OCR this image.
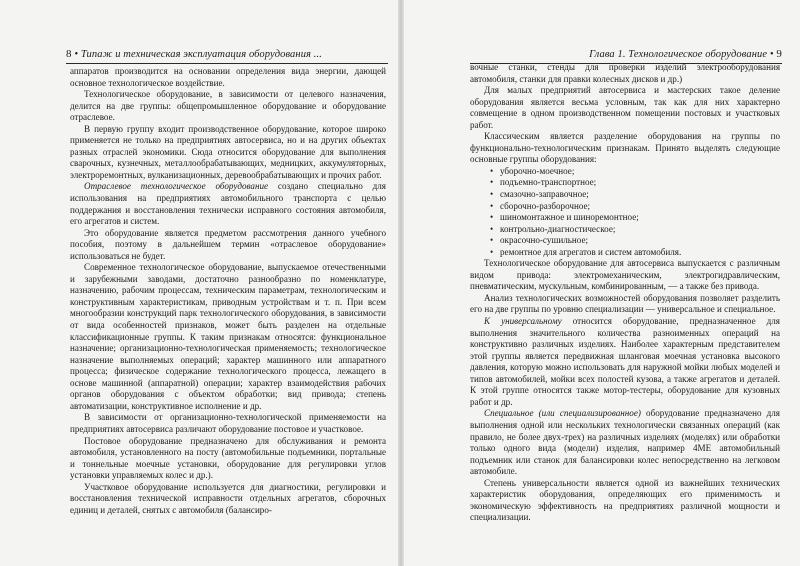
8 • Типаж и техническая эксплуатация оборудования ...	Глава 1. Технологическое оборудование • 9

аппаратов производится на основании определения вида энергии, дающей основное технологическое воздействие.

Технологическое оборудование, в зависимости от целевого назначения, делится на две группы: общепромышленное оборудование и оборудование отраслевое.

В первую группу входит производственное оборудование, которое широко применяется не только на предприятиях автосервиса, но и на других объектах разных отраслей экономики. Сюда относится оборудование для выполнения сварочных, кузнечных, металлообрабатывающих, медницких, аккумуляторных, электроремонтных, вулканизационных, деревообрабатывающих и прочих работ.

Отраслевое технологическое оборудование создано специально для использования на предприятиях автомобильного транспорта с целью поддержания и восстановления технически исправного состояния автомобиля, его агрегатов и систем.

Это оборудование является предметом рассмотрения данного учебного пособия, поэтому в дальнейшем термин «отраслевое оборудование» использоваться не будет.

Современное технологическое оборудование, выпускаемое отечественными и зарубежными заводами, достаточно разнообразно по номенклатуре, назначению, рабочим процессам, техническим параметрам, технологическим и конструктивным характеристикам, приводным устройствам и т. п. При всем многообразии конструкций парк технологического оборудования, в зависимости от вида особенностей признаков, может быть разделен на отдельные классификационные группы. К таким признакам относятся: функциональное назначение; организационно-технологическая применяемость; технологическое назначение выполняемых операций; характер машинного или аппаратного процесса; физическое содержание технологического процесса, лежащего в основе машинной (аппаратной) операции; характер взаимодействия рабочих органов оборудования с объектом обработки; вид привода; степень автоматизации, конструктивное исполнение и др.

В зависимости от организационно-технологической применяемости на предприятиях автосервиса различают оборудование постовое и участковое.

Постовое оборудование предназначено для обслуживания и ремонта автомобиля, установленного на посту (автомобильные подъемники, портальные и тоннельные моечные установки, оборудование для регулировки углов установки управляемых колес и др.).

Участковое оборудование используется для диагностики, регулировки и восстановления технической исправности отдельных агрегатов, сборочных единиц и деталей, снятых с автомобиля (балансиро-

вочные станки, стенды для проверки изделий электрооборудования автомобиля, станки для правки колесных дисков и др.)

Для малых предприятий автосервиса и мастерских такое деление оборудования является весьма условным, так как для них характерно совмещение в одном производственном помещении постовых и участковых работ.

Классическим является разделение оборудования на группы по функционально-технологическим признакам. Принято выделять следующие основные группы оборудования:

• уборочно-моечное;
• подъемно-транспортное;
• смазочно-заправочное;
• сборочно-разборочное;
• шиномонтажное и шиноремонтное;
• контрольно-диагностическое;
• окрасочно-сушильное;
• ремонтное для агрегатов и систем автомобиля.

Технологическое оборудование для автосервиса выпускается с различным видом привода: электромеханическим, электрогидравлическим, пневматическим, мускульным, комбинированным, — а также без привода.

Анализ технологических возможностей оборудования позволяет разделить его на две группы по уровню специализации — универсальное и специальное.

К универсальному относится оборудование, предназначенное для выполнения значительного количества разноименных операций на конструктивно различных изделиях. Наиболее характерным представителем этой группы является передвижная шланговая моечная установка высокого давления, которую можно использовать для наружной мойки любых моделей и типов автомобилей, мойки всех полостей кузова, а также агрегатов и деталей. К этой группе относятся также мотор-тестеры, оборудование для кузовных работ и др.

Специальное (или специализированное) оборудование предназначено для выполнения одной или нескольких технологически связанных операций (как правило, не более двух-трех) на различных изделиях (моделях) или обработки только одного вида (модели) изделия, например 4МЕ автомобильный подъемник или станок для балансировки колес непосредственно на легковом автомобиле.

Степень универсальности является одной из важнейших технических характеристик оборудования, определяющих его применимость и экономическую эффективность на предприятиях различной мощности и специализации.
